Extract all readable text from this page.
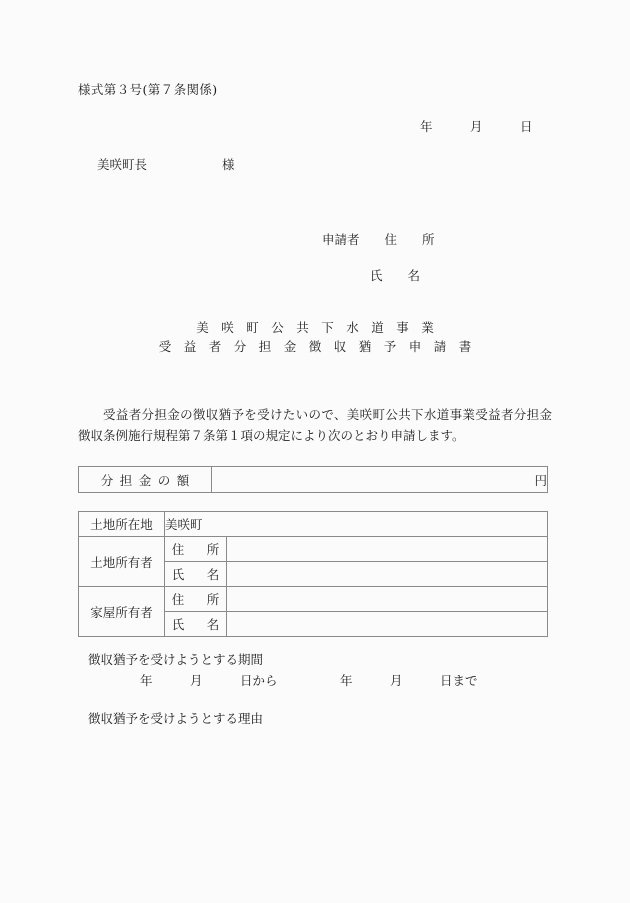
様式第３号(第７条関係)
年　　　月　　　日
美咲町長　　　　　　様
申請者　　住　　所
氏　　名
美咲町公共下水道事業
受益者分担金徴収猶予申請書
受益者分担金の徴収猶予を受けたいので、美咲町公共下水道事業受益者分担金徴収条例施行規程第７条第１項の規定により次のとおり申請します。
分担金の額	円
土地所在地	美咲町	
土地所有者	住　所	
	氏　名	
家屋所有者	住　所	
	氏　名	
徴収猶予を受けようとする期間
年　　　月　　　日から　　　　　年　　　月　　　日まで
徴収猶予を受けようとする理由
